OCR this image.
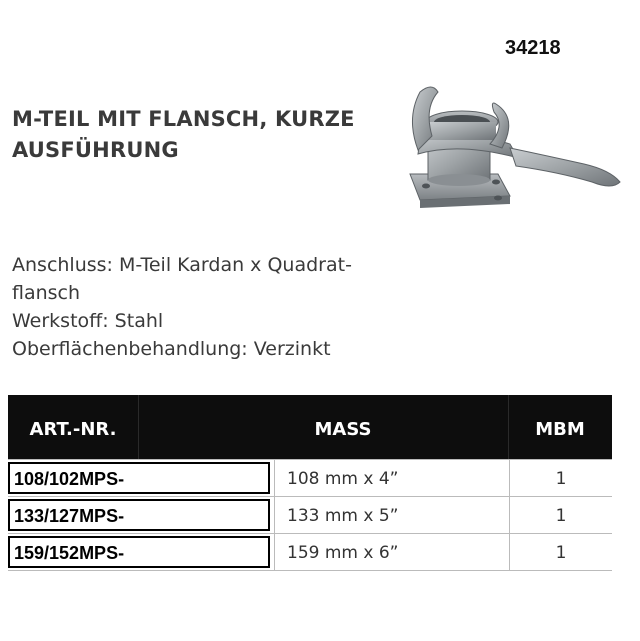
34218
M-TEIL MIT FLANSCH, KURZE
AUSFÜHRUNG
Anschluss: M-Teil Kardan x Quadrat-
flansch
Werkstoff: Stahl
Oberflächenbehandlung: Verzinkt
ART.-NR.	MASS	MBM
108/102MPS-	108 mm x 4”	1
133/127MPS-	133 mm x 5”	1
159/152MPS-	159 mm x 6”	1
